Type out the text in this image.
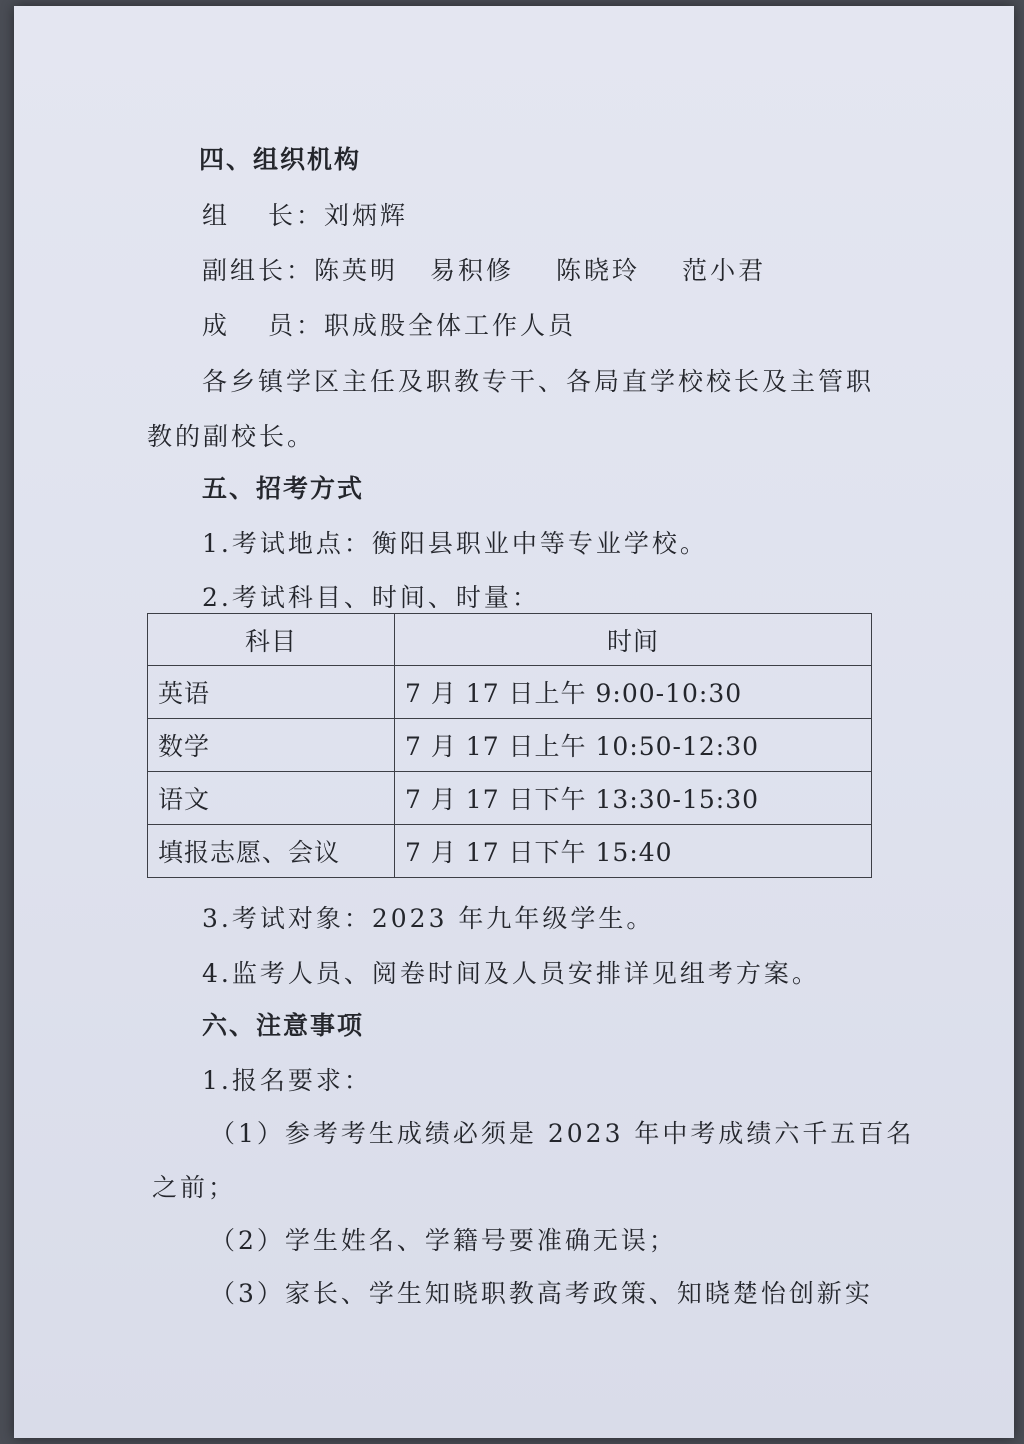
四、组织机构
组 长：刘炳辉
副组长：陈英明 易积修 陈晓玲 范小君
成 员：职成股全体工作人员
各乡镇学区主任及职教专干、各局直学校校长及主管职
教的副校长。
五、招考方式
1.考试地点：衡阳县职业中等专业学校。
2.考试科目、时间、时量：
科目	时间
英语	7 月 17 日上午 9:00-10:30
数学	7 月 17 日上午 10:50-12:30
语文	7 月 17 日下午 13:30-15:30
填报志愿、会议	7 月 17 日下午 15:40
3.考试对象：2023 年九年级学生。
4.监考人员、阅卷时间及人员安排详见组考方案。
六、注意事项
1.报名要求：
（1）参考考生成绩必须是 2023 年中考成绩六千五百名
之前；
（2）学生姓名、学籍号要准确无误；
（3）家长、学生知晓职教高考政策、知晓楚怡创新实
